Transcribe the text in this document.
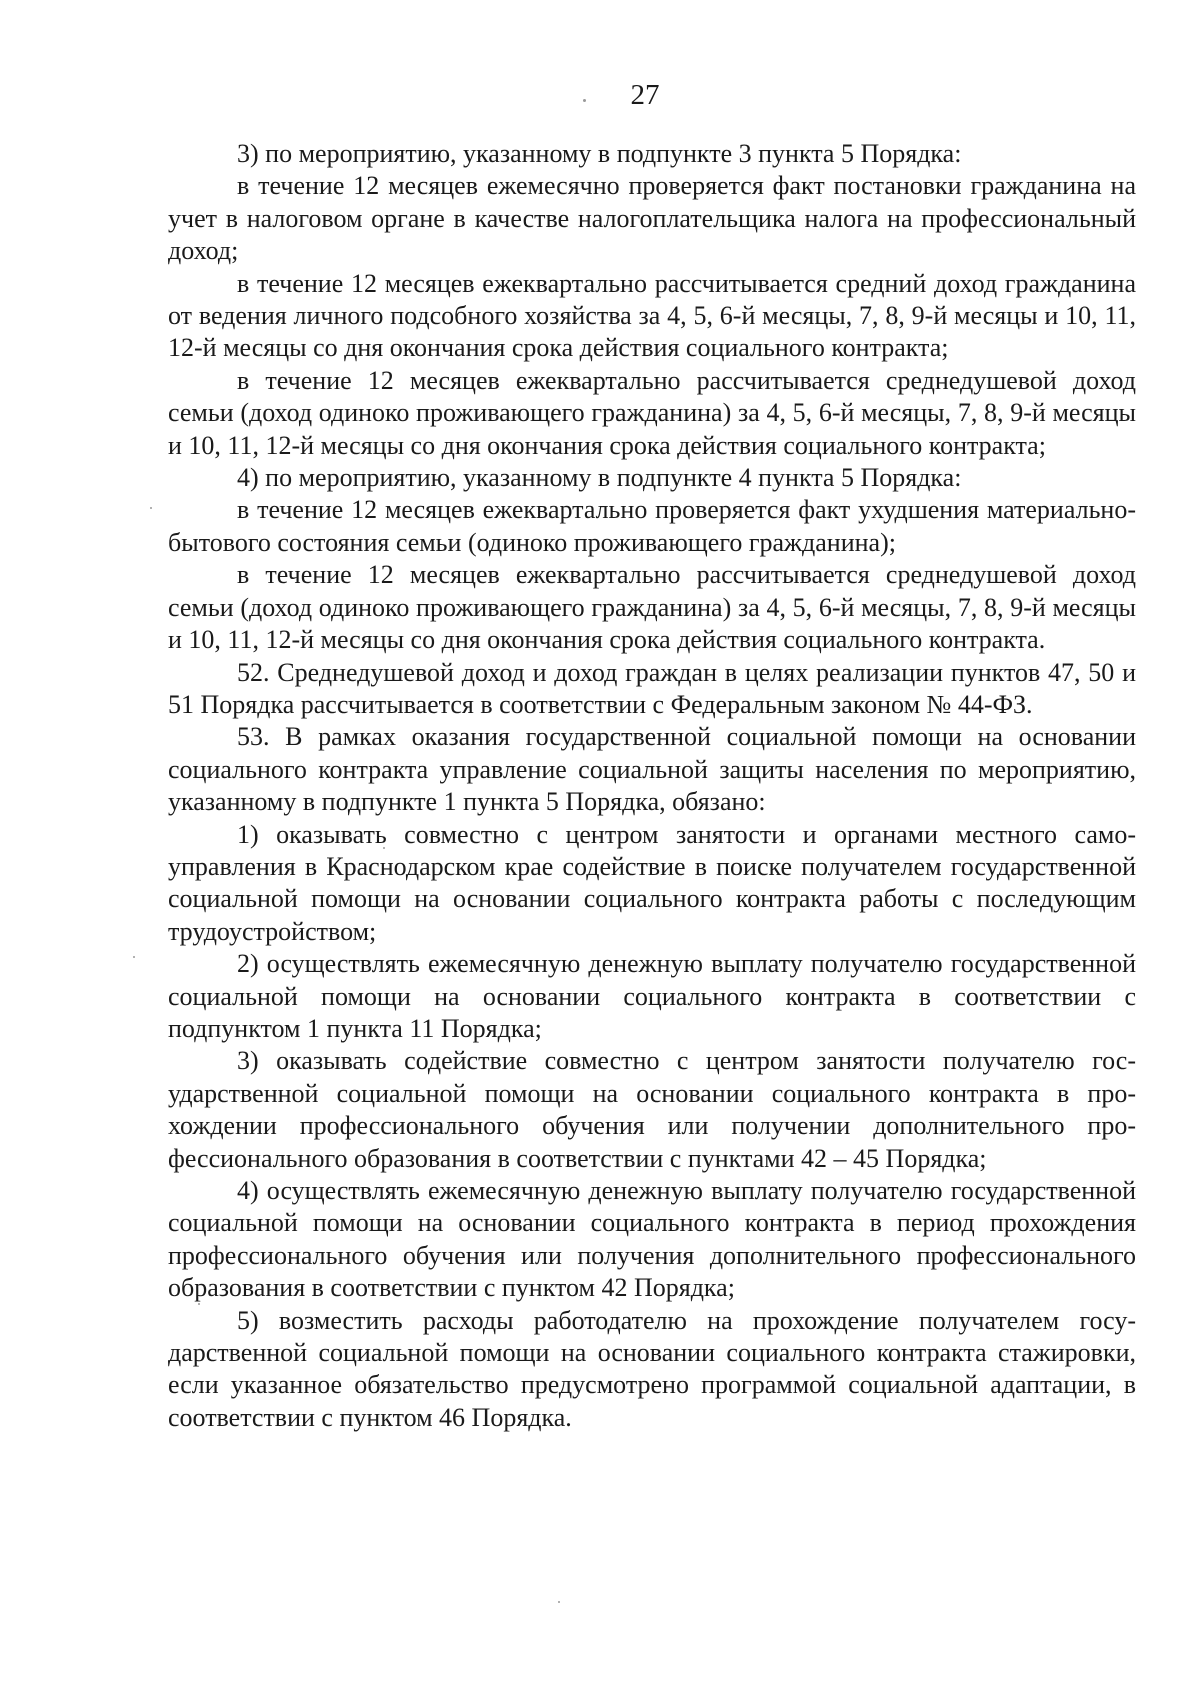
27

3) по мероприятию, указанному в подпункте 3 пункта 5 Порядка:

в течение 12 месяцев ежемесячно проверяется факт постановки гражданина на учет в налоговом органе в качестве налогоплательщика налога на профессиональный доход;

в течение 12 месяцев ежеквартально рассчитывается средний доход гражданина от ведения личного подсобного хозяйства за 4, 5, 6-й месяцы, 7, 8, 9-й месяцы и 10, 11, 12-й месяцы со дня окончания срока действия социального контракта;

в течение 12 месяцев ежеквартально рассчитывается среднедушевой доход семьи (доход одиноко проживающего гражданина) за 4, 5, 6-й месяцы, 7, 8, 9-й месяцы и 10, 11, 12-й месяцы со дня окончания срока действия социального контракта;

4) по мероприятию, указанному в подпункте 4 пункта 5 Порядка:

в течение 12 месяцев ежеквартально проверяется факт ухудшения материально-бытового состояния семьи (одиноко проживающего гражданина);

в течение 12 месяцев ежеквартально рассчитывается среднедушевой доход семьи (доход одиноко проживающего гражданина) за 4, 5, 6-й месяцы, 7, 8, 9-й месяцы и 10, 11, 12-й месяцы со дня окончания срока действия социального контракта.

52. Среднедушевой доход и доход граждан в целях реализации пунктов 47, 50 и 51 Порядка рассчитывается в соответствии с Федеральным законом № 44-ФЗ.

53. В рамках оказания государственной социальной помощи на основании социального контракта управление социальной защиты населения по мероприятию, указанному в подпункте 1 пункта 5 Порядка, обязано:

1) оказывать совместно с центром занятости и органами местного самоуправления в Краснодарском крае содействие в поиске получателем государственной социальной помощи на основании социального контракта работы с последующим трудоустройством;

2) осуществлять ежемесячную денежную выплату получателю государственной социальной помощи на основании социального контракта в соответствии с подпунктом 1 пункта 11 Порядка;

3) оказывать содействие совместно с центром занятости получателю государственной социальной помощи на основании социального контракта в прохождении профессионального обучения или получении дополнительного профессионального образования в соответствии с пунктами 42 – 45 Порядка;

4) осуществлять ежемесячную денежную выплату получателю государственной социальной помощи на основании социального контракта в период прохождения профессионального обучения или получения дополнительного профессионального образования в соответствии с пунктом 42 Порядка;

5) возместить расходы работодателю на прохождение получателем государственной социальной помощи на основании социального контракта стажировки, если указанное обязательство предусмотрено программой социальной адаптации, в соответствии с пунктом 46 Порядка.
